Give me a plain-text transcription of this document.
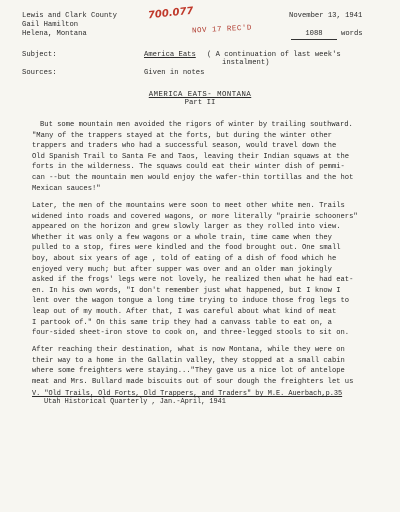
Lewis and Clark County
Gail Hamilton
Helena, Montana
700.077
NOV 17 REC'D
November 13, 1941
1088	words
Subject:	America Eats ( A continuation of last week's
instalment)
Sources:	Given in notes
AMERICA EATS- MONTANA
Part II
But some mountain men avoided the rigors of winter by trailing southward.
"Many of the trappers stayed at the forts, but during the winter other
trappers and traders who had a successful season, would travel down the
Old Spanish Trail to Santa Fe and Taos, leaving their Indian squaws at the
forts in the wilderness. The squaws could eat their winter dish of pemmi-
can --but the mountain men would enjoy the wafer-thin tortillas and the hot
Mexican sauces!"
Later, the men of the mountains were soon to meet other white men. Trails
widened into roads and covered wagons, or more literally "prairie schooners"
appeared on the horizon and grew slowly larger as they rolled into view.
Whether it was only a few wagons or a whole train, time came when they
pulled to a stop, fires were kindled and the food brought out. One small
boy, about six years of age , told of eating of a dish of food which he
enjoyed very much; but after supper was over and an older man jokingly
asked if the frogs' legs were not lovely, he realized then what he had eat-
en. In his own words, "I don't remember just what happened, but I know I
lent over the wagon tongue a long time trying to induce those frog legs to
leap out of my mouth. After that, I was careful about what kind of meat
I partook of." On this same trip they had a canvass table to eat on, a
four-sided sheet-iron stove to cook on, and three-legged stools to sit on.
After reaching their destination, what is now Montana, while they were on
their way to a home in the Gallatin valley, they stopped at a small cabin
where some freighters were staying..."They gave us a nice lot of antelope
meat and Mrs. Bullard made biscuits out of sour dough the freighters let us
V. "Old Trails, Old Forts, Old Trappers, and Traders" by M.E. Auerbach,p.35
Utah Historical Quarterly , Jan.-April, 1941
